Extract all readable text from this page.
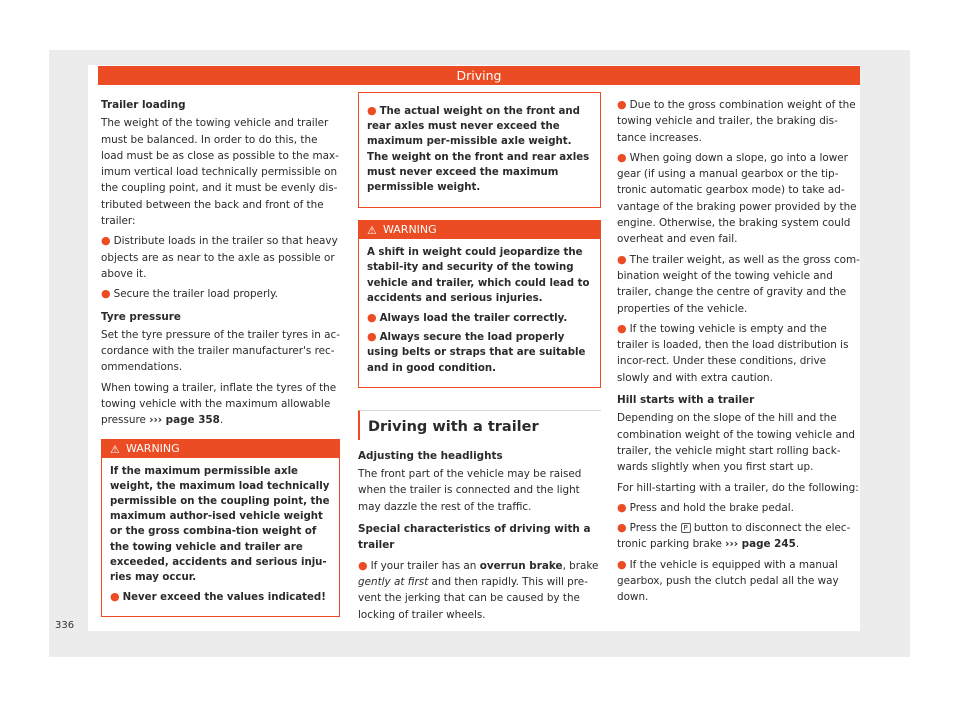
Driving
Trailer loading

The weight of the towing vehicle and trailer must be balanced. In order to do this, the load must be as close as possible to the max-imum vertical load technically permissible on the coupling point, and it must be evenly dis-tributed between the back and front of the trailer:

● Distribute loads in the trailer so that heavy objects are as near to the axle as possible or above it.
● Secure the trailer load properly.
Tyre pressure

Set the tyre pressure of the trailer tyres in ac-cordance with the trailer manufacturer's rec-ommendations.

When towing a trailer, inflate the tyres of the towing vehicle with the maximum allowable pressure ››› page 358.

⚠ WARNING

If the maximum permissible axle weight, the maximum load technically permissible on the coupling point, the maximum author-ised vehicle weight or the gross combina-tion weight of the towing vehicle and trailer are exceeded, accidents and serious inju-ries may occur.

● Never exceed the values indicated!
● The actual weight on the front and rear axles must never exceed the maximum per-missible axle weight. The weight on the front and rear axles must never exceed the maximum permissible weight.
⚠ WARNING

A shift in weight could jeopardize the stabil-ity and security of the towing vehicle and trailer, which could lead to accidents and serious injuries.

● Always load the trailer correctly.
● Always secure the load properly using belts or straps that are suitable and in good condition.
Driving with a trailer
Adjusting the headlights

The front part of the vehicle may be raised when the trailer is connected and the light may dazzle the rest of the traffic.

Special characteristics of driving with a trailer
● If your trailer has an overrun brake, brake gently at first and then rapidly. This will pre-vent the jerking that can be caused by the locking of trailer wheels.
● Due to the gross combination weight of the towing vehicle and trailer, the braking dis-tance increases.
● When going down a slope, go into a lower gear (if using a manual gearbox or the tip-tronic automatic gearbox mode) to take ad-vantage of the braking power provided by the engine. Otherwise, the braking system could overheat and even fail.
● The trailer weight, as well as the gross com-bination weight of the towing vehicle and trailer, change the centre of gravity and the properties of the vehicle.
● If the towing vehicle is empty and the trailer is loaded, then the load distribution is incor-rect. Under these conditions, drive slowly and with extra caution.
Hill starts with a trailer

Depending on the slope of the hill and the combination weight of the towing vehicle and trailer, the vehicle might start rolling back-wards slightly when you first start up.

For hill-starting with a trailer, do the following:

● Press and hold the brake pedal.
● Press the P button to disconnect the elec-tronic parking brake ››› page 245.
● If the vehicle is equipped with a manual gearbox, push the clutch pedal all the way down.
336
